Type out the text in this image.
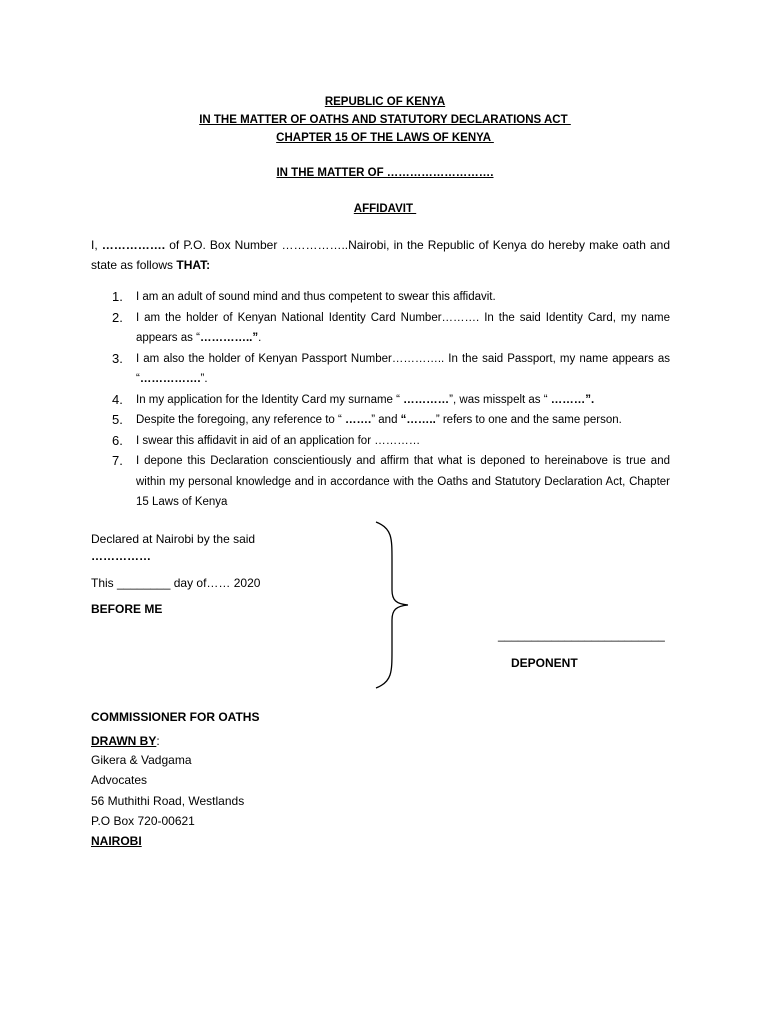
REPUBLIC OF KENYA
IN THE MATTER OF OATHS AND STATUTORY DECLARATIONS ACT
CHAPTER 15 OF THE LAWS OF KENYA
IN THE MATTER OF ……………………….
AFFIDAVIT
I, ……………. of P.O. Box Number ……………..Nairobi, in the Republic of Kenya do hereby make oath and state as follows THAT:
1. I am an adult of sound mind and thus competent to swear this affidavit.
2. I am the holder of Kenyan National Identity Card Number………. In the said Identity Card, my name appears as “…………..”.
3. I am also the holder of Kenyan Passport Number………….. In the said Passport, my name appears as “…………….”.
4. In my application for the Identity Card my surname “ …………”, was misspelt as “ ………”.
5. Despite the foregoing, any reference to “ …….” and “……..” refers to one and the same person.
6. I swear this affidavit in aid of an application for …………
7. I depone this Declaration conscientiously and affirm that what is deponed to hereinabove is true and within my personal knowledge and in accordance with the Oaths and Statutory Declaration Act, Chapter 15 Laws of Kenya
Declared at Nairobi by the said
……………
This ________ day of…… 2020
BEFORE ME
_________________________
DEPONENT
COMMISSIONER FOR OATHS
DRAWN BY:
Gikera & Vadgama
Advocates
56 Muthithi Road, Westlands
P.O Box 720-00621
NAIROBI
